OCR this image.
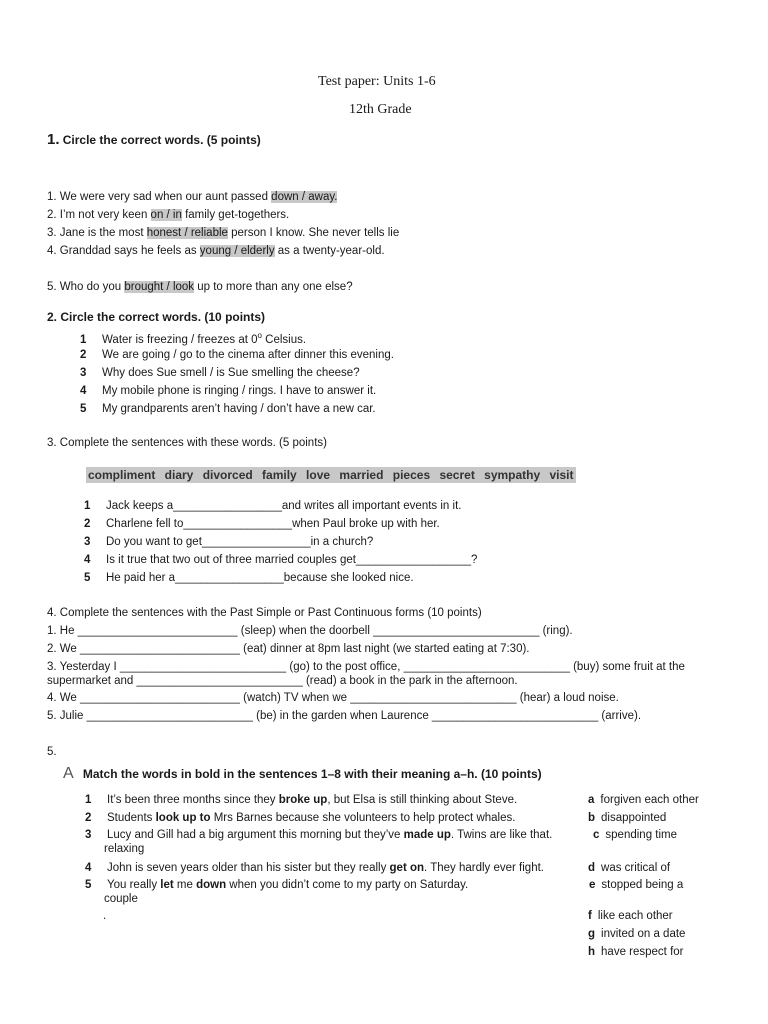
Test paper: Units 1-6
12th Grade
1. Circle the correct words. (5 points)
1. We were very sad when our aunt passed down / away.
2. I’m not very keen on / in family get-togethers.
3. Jane is the most honest / reliable person I know. She never tells lie
4. Granddad says he feels as young / elderly as a twenty-year-old.
5. Who do you brought / look up to more than any one else?
2. Circle the correct words. (10 points)
1 Water is freezing / freezes at 0$^o$ Celsius.
2 We are going / go to the cinema after dinner this evening.
3 Why does Sue smell / is Sue smelling the cheese?
4 My mobile phone is ringing / rings. I have to answer it.
5 My grandparents aren’t having / don’t have a new car.
3. Complete the sentences with these words. (5 points)
compliment diary divorced family love married pieces secret sympathy visit
1 Jack keeps a_________________and writes all important events in it.
2 Charlene fell to_________________when Paul broke up with her.
3 Do you want to get_________________in a church?
4 Is it true that two out of three married couples get__________________?
5 He paid her a_________________because she looked nice.
4. Complete the sentences with the Past Simple or Past Continuous forms (10 points)
1. He _________________________ (sleep) when the doorbell __________________________ (ring).
2. We _________________________ (eat) dinner at 8pm last night (we started eating at 7:30).
3. Yesterday I __________________________ (go) to the post office, __________________________ (buy) some fruit at the
supermarket and __________________________ (read) a book in the park in the afternoon.
4. We _________________________ (watch) TV when we __________________________ (hear) a loud noise.
5. Julie __________________________ (be) in the garden when Laurence __________________________ (arrive).
5.
A Match the words in bold in the sentences 1–8 with their meaning a–h. (10 points)
1 It’s been three months since they broke up, but Elsa is still thinking about Steve.
2 Students look up to Mrs Barnes because she volunteers to help protect whales.
3 Lucy and Gill had a big argument this morning but they’ve made up. Twins are like that.
relaxing
4 John is seven years older than his sister but they really get on. They hardly ever fight.
5 You really let me down when you didn’t come to my party on Saturday.
couple
.
a forgiven each other
b disappointed
c spending time
d was critical of
e stopped being a
f like each other
g invited on a date
h have respect for
